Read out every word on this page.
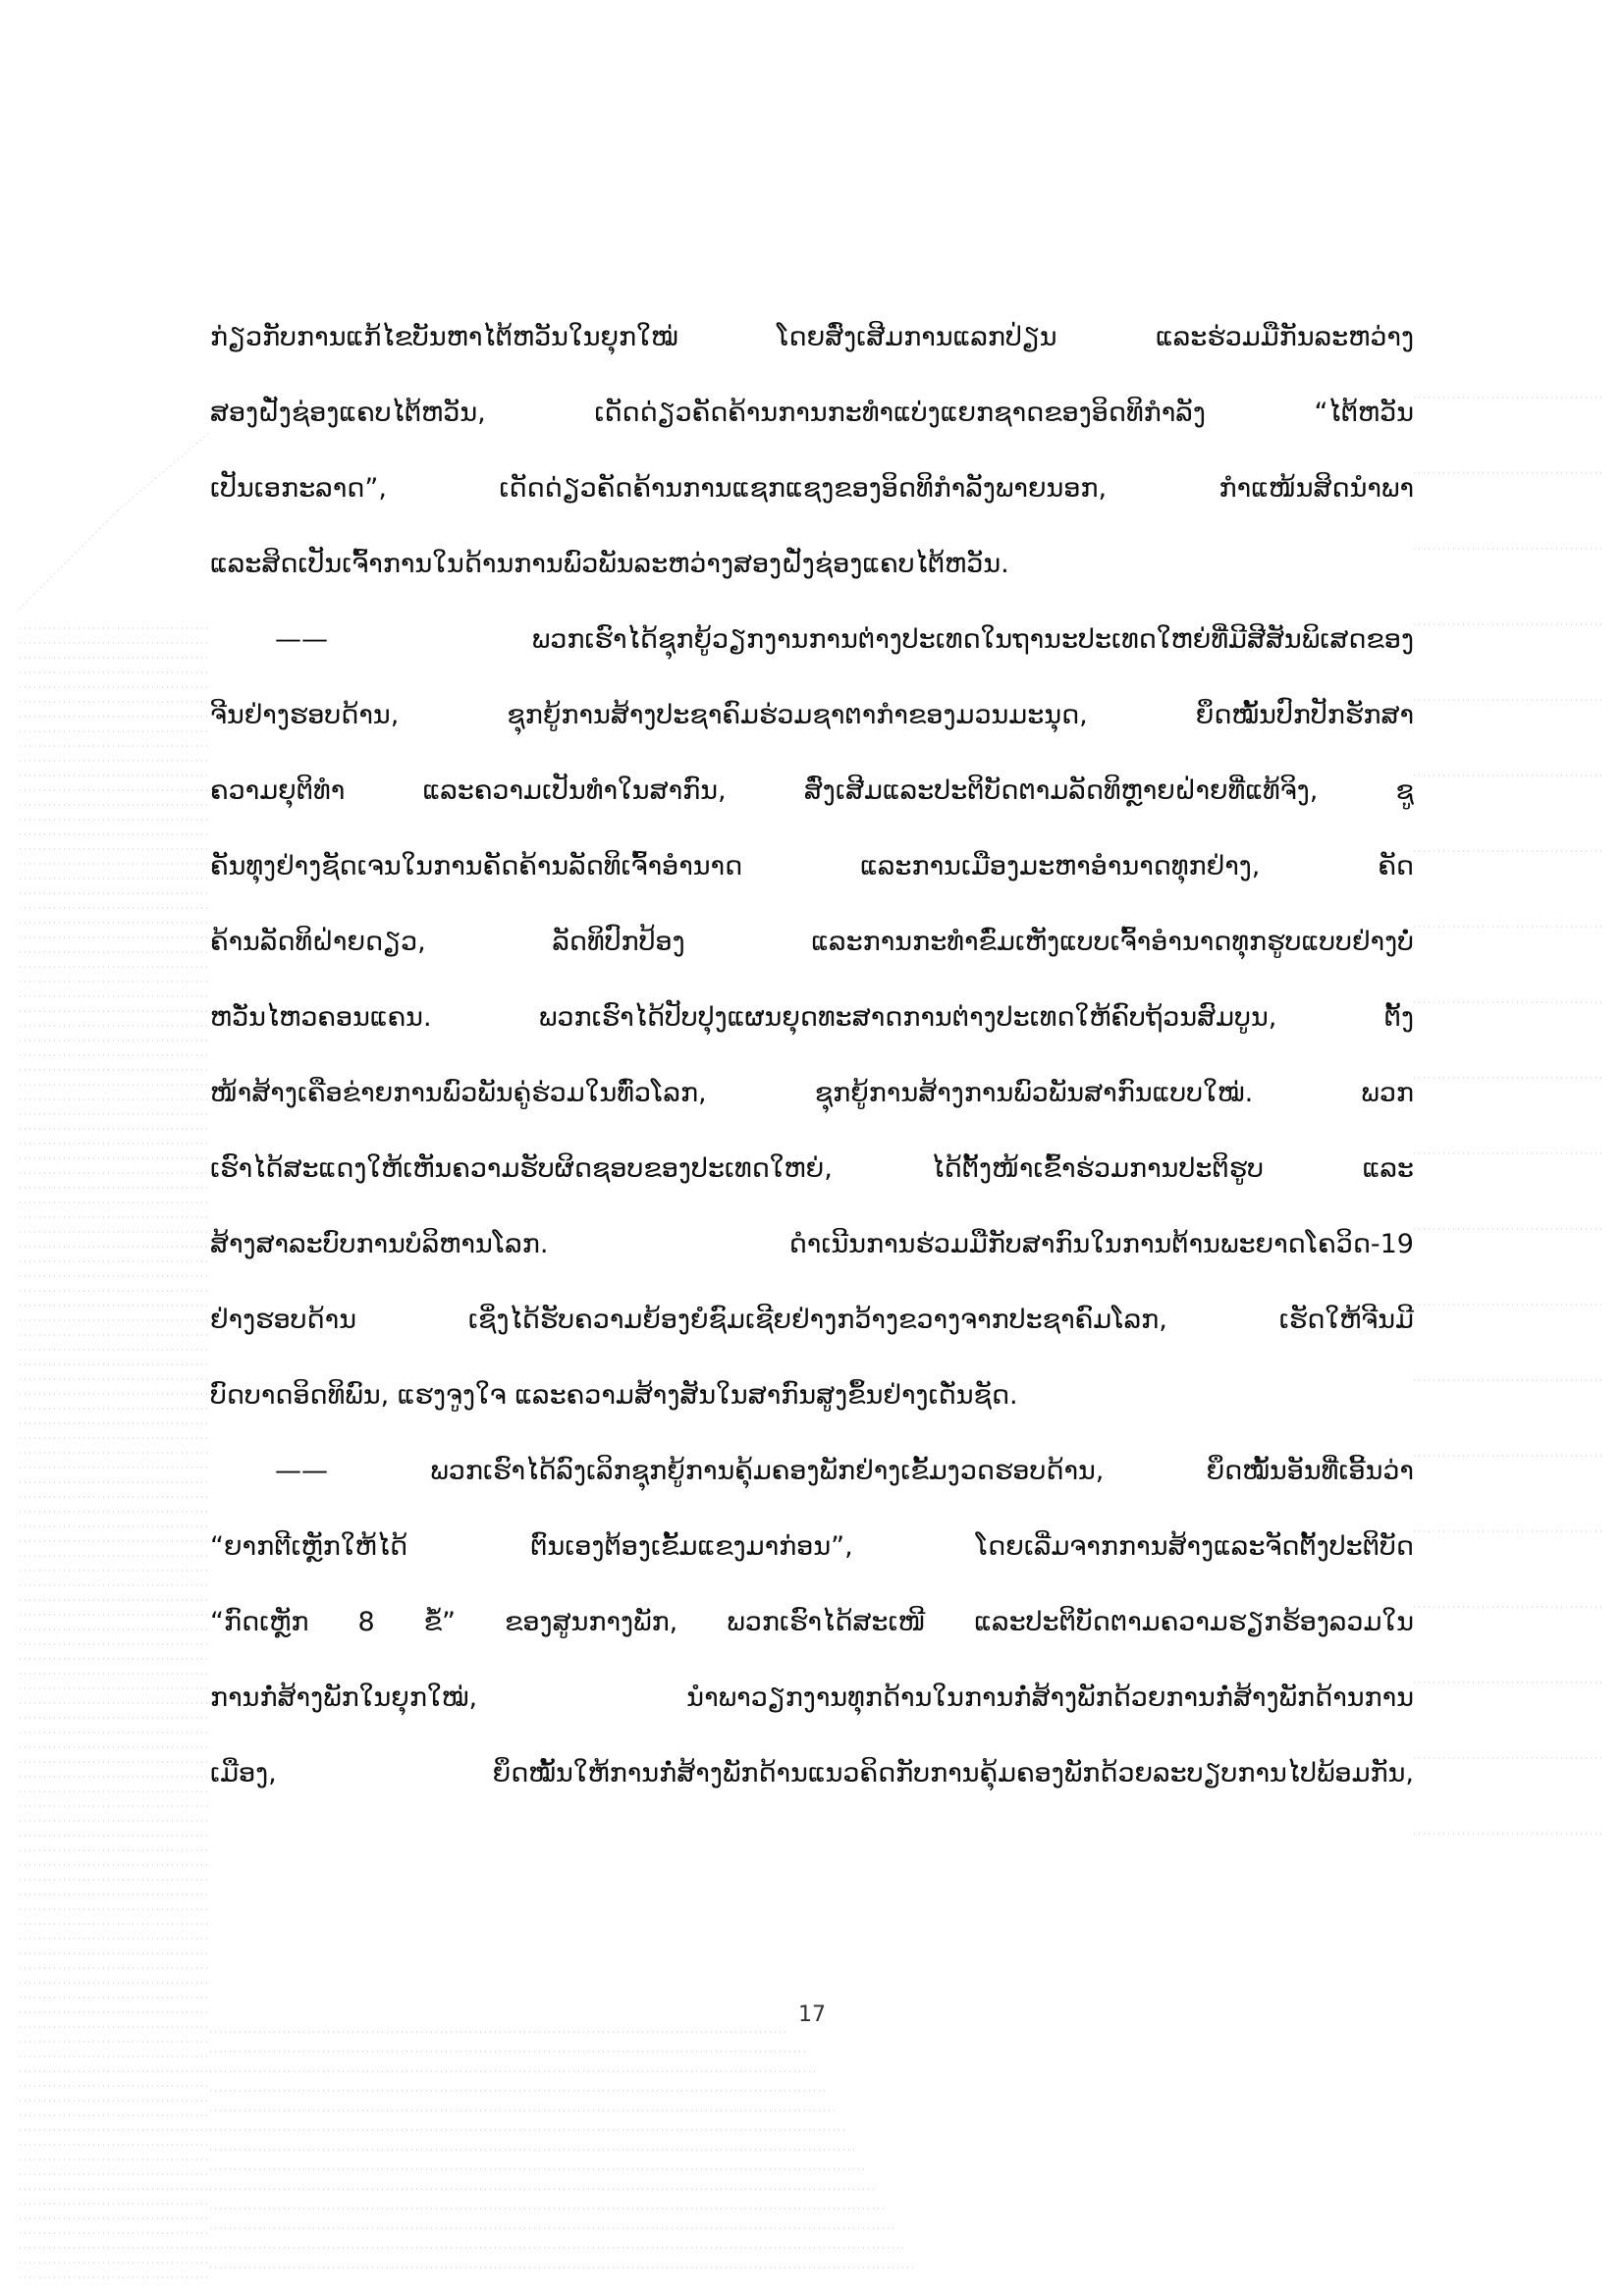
ກ່ຽວກັບການແກ້ໄຂບັນຫາໄຕ້ຫວັນໃນຍຸກໃໝ່ ໂດຍສົ່ງເສີມການແລກປ່ຽນ ແລະຮ່ວມມືກັນລະຫວ່າງ
ສອງຝັ່ງຊ່ອງແຄບໄຕ້ຫວັນ, ເດັດດ່ຽວຄັດຄ້ານການກະທຳແບ່ງແຍກຊາດຂອງອິດທິກຳລັງ “ໄຕ້ຫວັນ
ເປັນເອກະລາດ”, ເດັດດ່ຽວຄັດຄ້ານການແຊກແຊງຂອງອິດທິກຳລັງພາຍນອກ, ກຳແໜ້ນສິດນຳພາ
ແລະສິດເປັນເຈົ້າການໃນດ້ານການພົວພັນລະຫວ່າງສອງຝັ່ງຊ່ອງແຄບໄຕ້ຫວັນ.
—— ພວກເຮົາໄດ້ຊຸກຍູ້ວຽກງານການຕ່າງປະເທດໃນຖານະປະເທດໃຫຍ່ທີ່ມີສີສັນພິເສດຂອງ
ຈີນຢ່າງຮອບດ້ານ, ຊຸກຍູ້ການສ້າງປະຊາຄົມຮ່ວມຊາຕາກຳຂອງມວນມະນຸດ, ຍຶດໝັ້ນປົກປັກຮັກສາ
ຄວາມຍຸຕິທຳ ແລະຄວາມເປັນທຳໃນສາກົນ, ສົ່ງເສີມແລະປະຕິບັດຕາມລັດທິຫຼາຍຝ່າຍທີ່ແທ້ຈິງ, ຊູ
ຄັນທຸງຢ່າງຊັດເຈນໃນການຄັດຄ້ານລັດທິເຈົ້າອຳນາດ ແລະການເມືອງມະຫາອຳນາດທຸກຢ່າງ, ຄັດ
ຄ້ານລັດທິຝ່າຍດຽວ, ລັດທິປົກປ້ອງ ແລະການກະທຳຂົ່ມເຫັງແບບເຈົ້າອຳນາດທຸກຮູບແບບຢ່າງບໍ່
ຫວັ່ນໄຫວຄອນແຄນ. ພວກເຮົາໄດ້ປັບປຸງແຜນຍຸດທະສາດການຕ່າງປະເທດໃຫ້ຄົບຖ້ວນສົມບູນ, ຕັ້ງ
ໜ້າສ້າງເຄືອຂ່າຍການພົວພັນຄູ່ຮ່ວມໃນທົ່ວໂລກ, ຊຸກຍູ້ການສ້າງການພົວພັນສາກົນແບບໃໝ່. ພວກ
ເຮົາໄດ້ສະແດງໃຫ້ເຫັນຄວາມຮັບຜິດຊອບຂອງປະເທດໃຫຍ່, ໄດ້ຕັ້ງໜ້າເຂົ້າຮ່ວມການປະຕິຮູບ ແລະ
ສ້າງສາລະບົບການບໍລິຫານໂລກ. ດຳເນີນການຮ່ວມມືກັບສາກົນໃນການຕ້ານພະຍາດໂຄວິດ-19
ຢ່າງຮອບດ້ານ ເຊິ່ງໄດ້ຮັບຄວາມຍ້ອງຍໍຊົມເຊີຍຢ່າງກວ້າງຂວາງຈາກປະຊາຄົມໂລກ, ເຮັດໃຫ້ຈີນມີ
ບົດບາດອິດທິພົນ, ແຮງຈູງໃຈ ແລະຄວາມສ້າງສັນໃນສາກົນສູງຂຶ້ນຢ່າງເດັ່ນຊັດ.
—— ພວກເຮົາໄດ້ລົງເລິກຊຸກຍູ້ການຄຸ້ມຄອງພັກຢ່າງເຂັ້ມງວດຮອບດ້ານ, ຍຶດໝັ້ນອັນທີ່ເອີ້ນວ່າ
“ຍາກຕີເຫຼັກໃຫ້ໄດ້ ຕົນເອງຕ້ອງເຂັ້ມແຂງມາກ່ອນ”, ໂດຍເລີ່ມຈາກການສ້າງແລະຈັດຕັ້ງປະຕິບັດ
“ກົດເຫຼັກ 8 ຂໍ້” ຂອງສູນກາງພັກ, ພວກເຮົາໄດ້ສະເໜີ ແລະປະຕິບັດຕາມຄວາມຮຽກຮ້ອງລວມໃນ
ການກໍ່ສ້າງພັກໃນຍຸກໃໝ່, ນຳພາວຽກງານທຸກດ້ານໃນການກໍ່ສ້າງພັກດ້ວຍການກໍ່ສ້າງພັກດ້ານການ
ເມືອງ, ຍຶດໝັ້ນໃຫ້ການກໍ່ສ້າງພັກດ້ານແນວຄິດກັບການຄຸ້ມຄອງພັກດ້ວຍລະບຽບການໄປພ້ອມກັນ,
17
